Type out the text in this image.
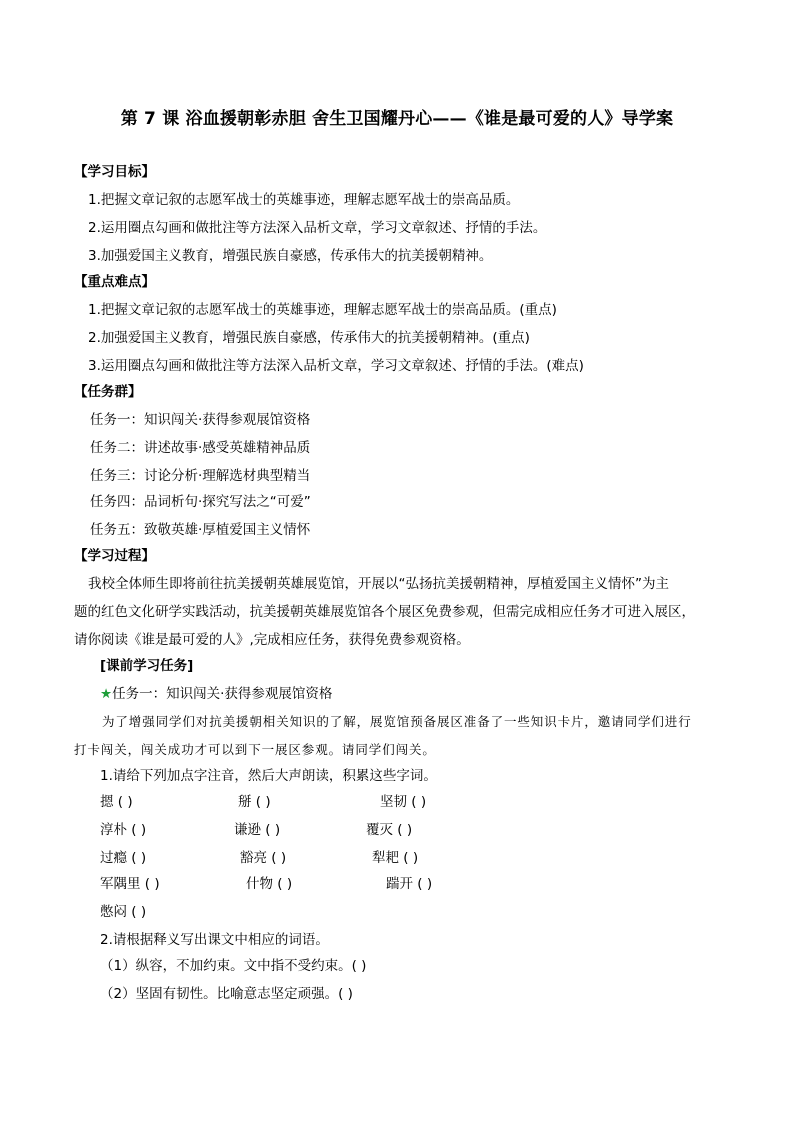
第 7 课 浴血援朝彰赤胆 舍生卫国耀丹心——《谁是最可爱的人》导学案
【学习目标】
1.把握文章记叙的志愿军战士的英雄事迹，理解志愿军战士的崇高品质。
2.运用圈点勾画和做批注等方法深入品析文章，学习文章叙述、抒情的手法。
3.加强爱国主义教育，增强民族自豪感，传承伟大的抗美援朝精神。
【重点难点】
1.把握文章记叙的志愿军战士的英雄事迹，理解志愿军战士的崇高品质。(重点)
2.加强爱国主义教育，增强民族自豪感，传承伟大的抗美援朝精神。(重点)
3.运用圈点勾画和做批注等方法深入品析文章，学习文章叙述、抒情的手法。(难点)
【任务群】
任务一：知识闯关·获得参观展馆资格
任务二：讲述故事·感受英雄精神品质
任务三：讨论分析·理解选材典型精当
任务四：品词析句·探究写法之“可爱”
任务五：致敬英雄·厚植爱国主义情怀
【学习过程】
我校全体师生即将前往抗美援朝英雄展览馆，开展以“弘扬抗美援朝精神，厚植爱国主义情怀”为主
题的红色文化研学实践活动，抗美援朝英雄展览馆各个展区免费参观，但需完成相应任务才可进入展区，
请你阅读《谁是最可爱的人》,完成相应任务，获得免费参观资格。
[课前学习任务]
★任务一：知识闯关·获得参观展馆资格
为了增强同学们对抗美援朝相关知识的了解，展览馆预备展区准备了一些知识卡片，邀请同学们进行
打卡闯关，闯关成功才可以到下一展区参观。请同学们闯关。
1.请给下列加点字注音，然后大声朗读，积累这些字词。
摁 ( )	掰 ( )	坚韧 ( )
淳朴 ( )	谦逊 ( )	覆灭 ( )
过瘾 ( )	豁亮 ( )	犁耙 ( )
军隅里 ( )	什物 ( )	踹开 ( )
憋闷 ( )
2.请根据释义写出课文中相应的词语。
（1）纵容，不加约束。文中指不受约束。( )
（2）坚固有韧性。比喻意志坚定顽强。( )
